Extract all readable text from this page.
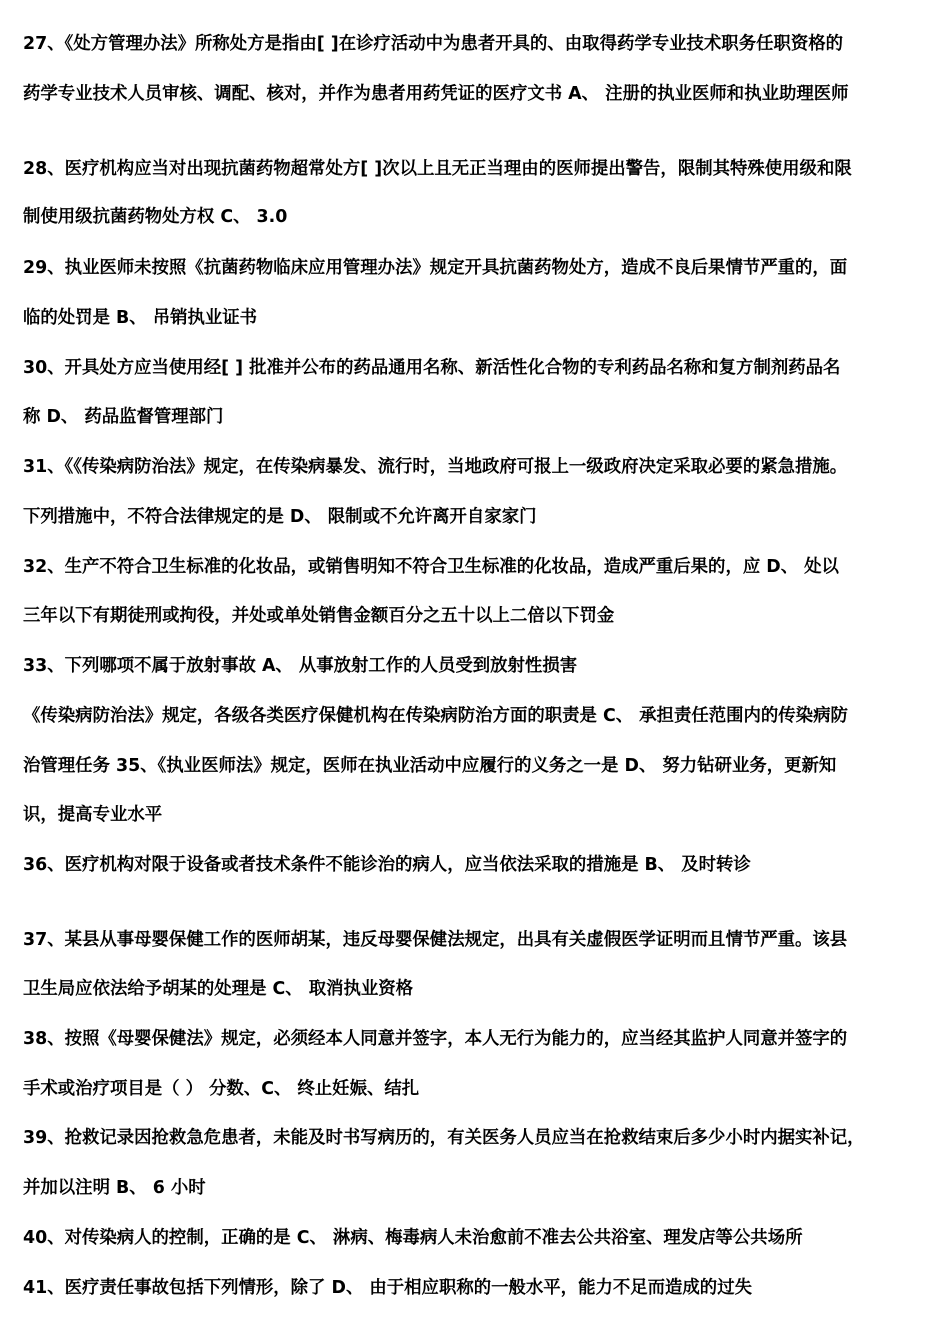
27、《处方管理办法》所称处方是指由[ ]在诊疗活动中为患者开具的、由取得药学专业技术职务任职资格的
药学专业技术人员审核、调配、核对，并作为患者用药凭证的医疗文书 A、 注册的执业医师和执业助理医师
28、医疗机构应当对出现抗菌药物超常处方[ ]次以上且无正当理由的医师提出警告，限制其特殊使用级和限
制使用级抗菌药物处方权 C、 3.0
29、执业医师未按照《抗菌药物临床应用管理办法》规定开具抗菌药物处方，造成不良后果情节严重的，面
临的处罚是 B、 吊销执业证书
30、开具处方应当使用经[ ] 批准并公布的药品通用名称、新活性化合物的专利药品名称和复方制剂药品名
称 D、 药品监督管理部门
31、《《传染病防治法》规定，在传染病暴发、流行时，当地政府可报上一级政府决定采取必要的紧急措施。
下列措施中，不符合法律规定的是 D、 限制或不允许离开自家家门
32、生产不符合卫生标准的化妆品，或销售明知不符合卫生标准的化妆品，造成严重后果的，应 D、 处以
三年以下有期徒刑或拘役，并处或单处销售金额百分之五十以上二倍以下罚金
33、下列哪项不属于放射事故 A、 从事放射工作的人员受到放射性损害
《传染病防治法》规定，各级各类医疗保健机构在传染病防治方面的职责是 C、 承担责任范围内的传染病防
治管理任务 35、《执业医师法》规定，医师在执业活动中应履行的义务之一是 D、 努力钻研业务，更新知
识，提高专业水平
36、医疗机构对限于设备或者技术条件不能诊治的病人，应当依法采取的措施是 B、 及时转诊
37、某县从事母婴保健工作的医师胡某，违反母婴保健法规定，出具有关虚假医学证明而且情节严重。该县
卫生局应依法给予胡某的处理是 C、 取消执业资格
38、按照《母婴保健法》规定，必须经本人同意并签字，本人无行为能力的，应当经其监护人同意并签字的
手术或治疗项目是（ ） 分数、C、 终止妊娠、结扎
39、抢救记录因抢救急危患者，未能及时书写病历的，有关医务人员应当在抢救结束后多少小时内据实补记，
并加以注明 B、 6 小时
40、对传染病人的控制，正确的是 C、 淋病、梅毒病人未治愈前不准去公共浴室、理发店等公共场所
41、医疗责任事故包括下列情形，除了 D、 由于相应职称的一般水平，能力不足而造成的过失
